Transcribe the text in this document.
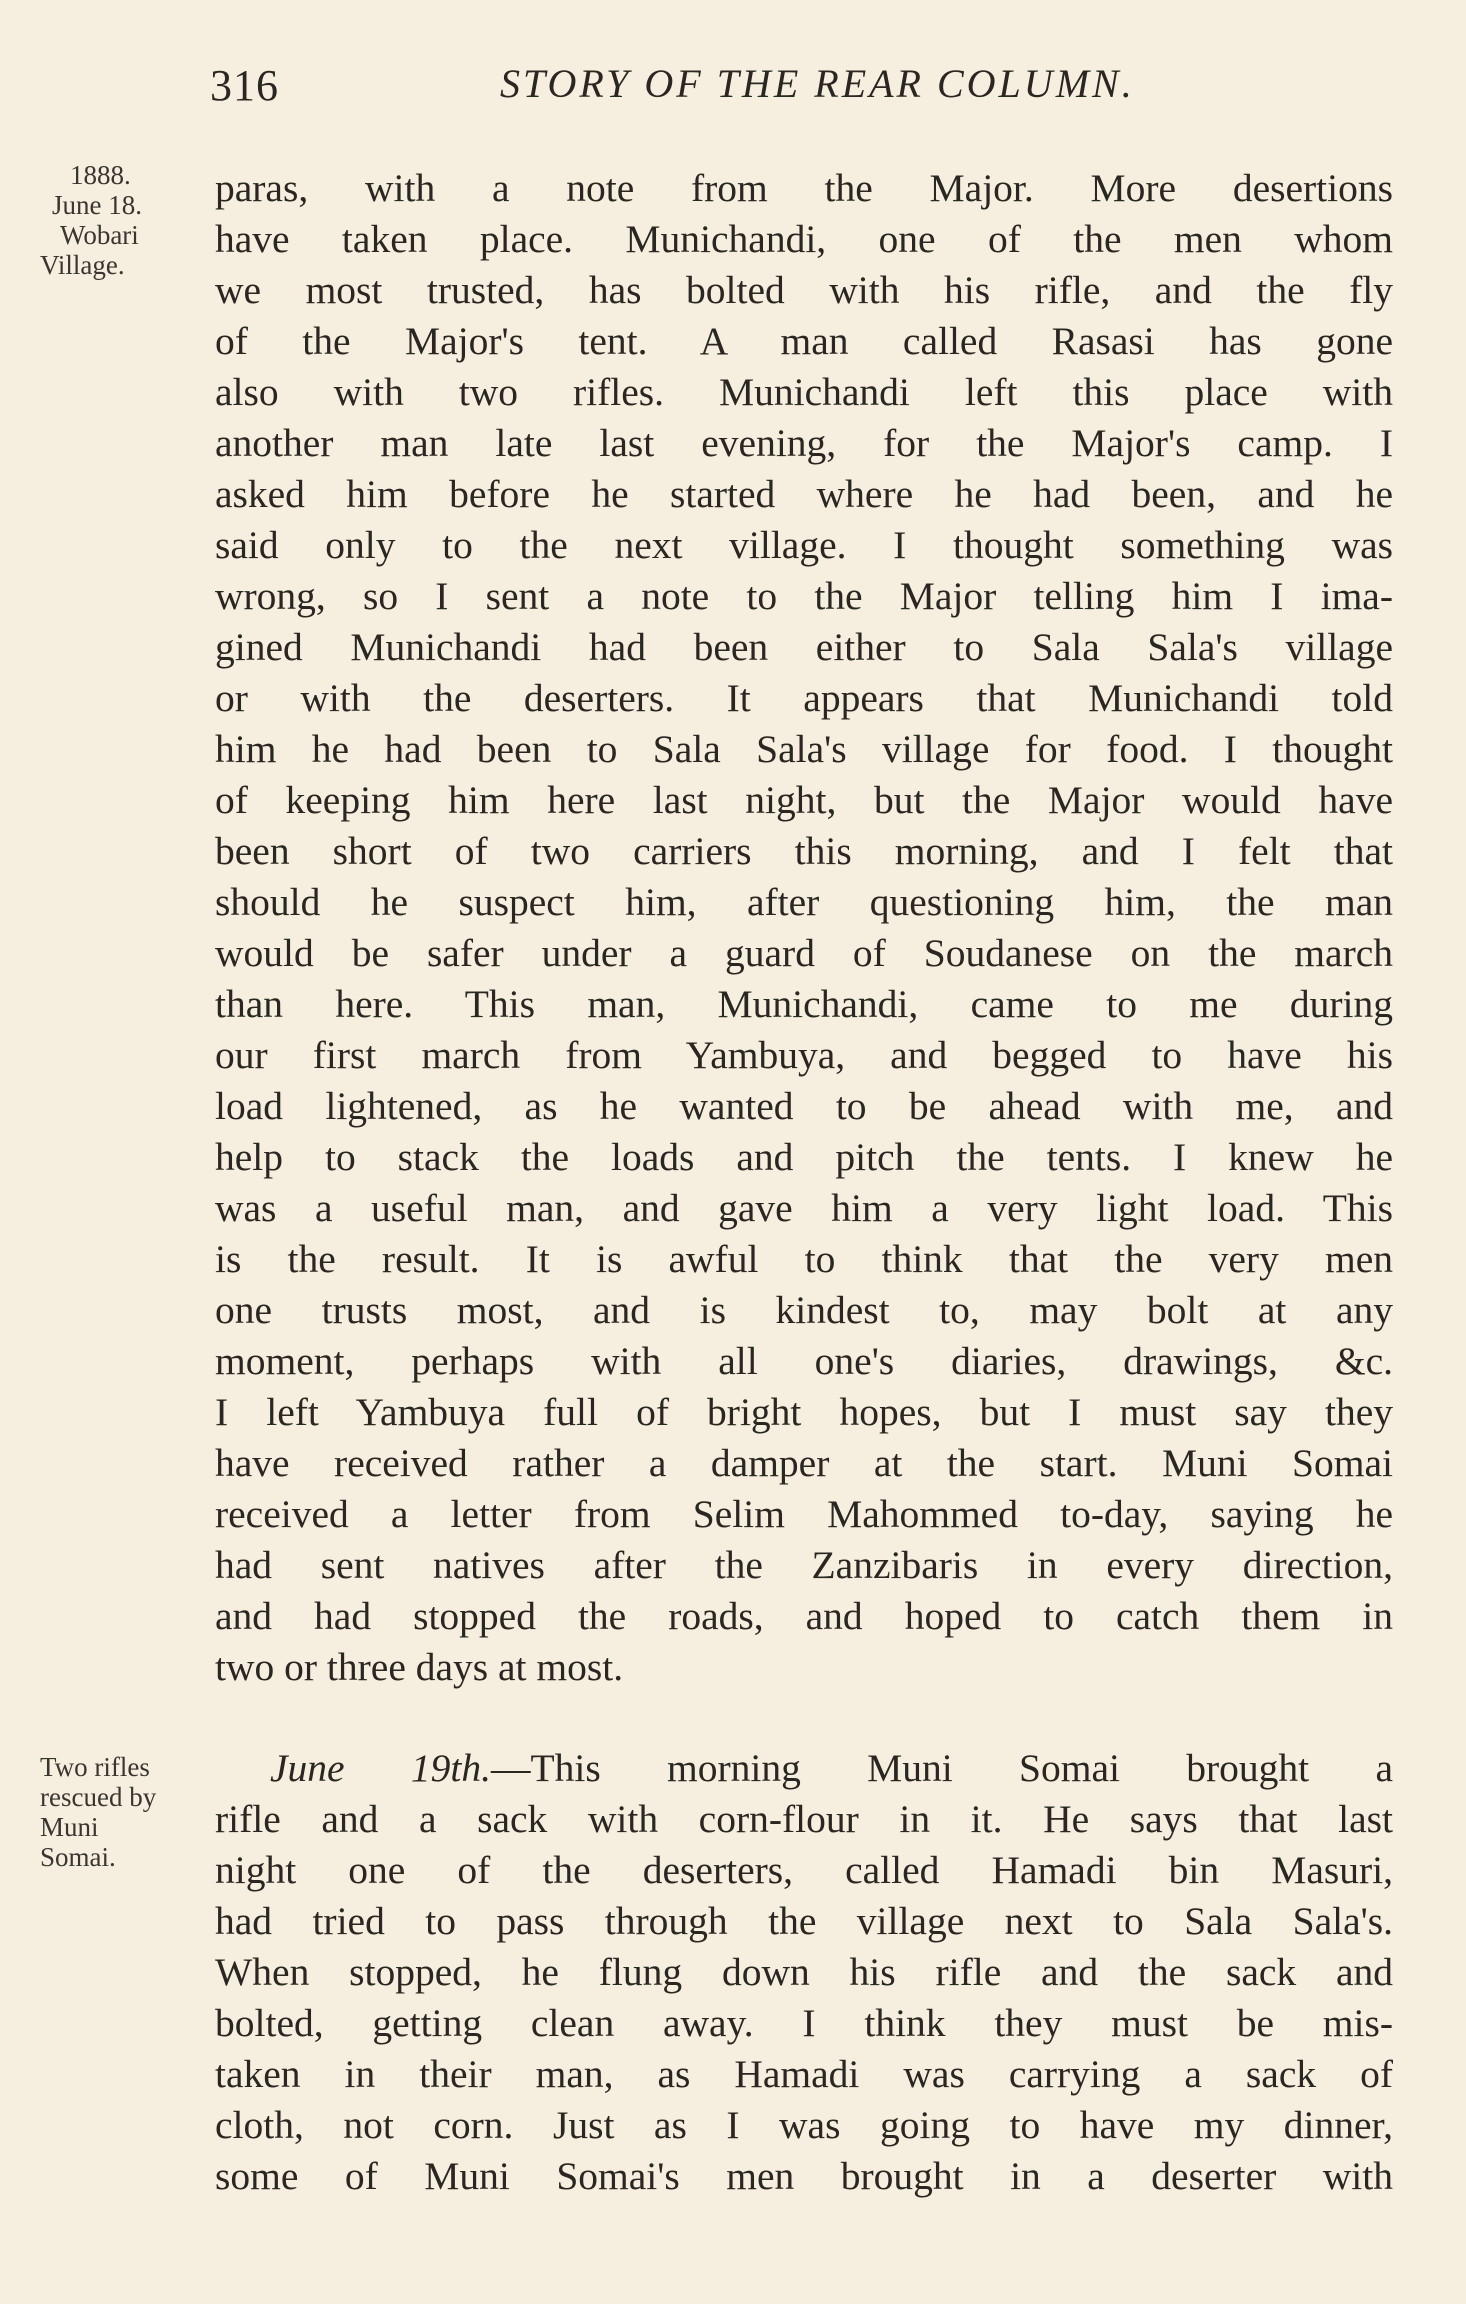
316	STORY OF THE REAR COLUMN.
1888.
June 18.
Wobari
Village.
Two rifles
rescued by
Muni
Somai.
paras, with a note from the Major. More desertions
have taken place. Munichandi, one of the men whom
we most trusted, has bolted with his rifle, and the fly
of the Major's tent. A man called Rasasi has gone
also with two rifles. Munichandi left this place with
another man late last evening, for the Major's camp. I
asked him before he started where he had been, and he
said only to the next village. I thought something was
wrong, so I sent a note to the Major telling him I ima-
gined Munichandi had been either to Sala Sala's village
or with the deserters. It appears that Munichandi told
him he had been to Sala Sala's village for food. I thought
of keeping him here last night, but the Major would have
been short of two carriers this morning, and I felt that
should he suspect him, after questioning him, the man
would be safer under a guard of Soudanese on the march
than here. This man, Munichandi, came to me during
our first march from Yambuya, and begged to have his
load lightened, as he wanted to be ahead with me, and
help to stack the loads and pitch the tents. I knew he
was a useful man, and gave him a very light load. This
is the result. It is awful to think that the very men
one trusts most, and is kindest to, may bolt at any
moment, perhaps with all one's diaries, drawings, &c.
I left Yambuya full of bright hopes, but I must say they
have received rather a damper at the start. Muni Somai
received a letter from Selim Mahommed to-day, saying he
had sent natives after the Zanzibaris in every direction,
and had stopped the roads, and hoped to catch them in
two or three days at most.
June 19th.—This morning Muni Somai brought a
rifle and a sack with corn-flour in it. He says that last
night one of the deserters, called Hamadi bin Masuri,
had tried to pass through the village next to Sala Sala's.
When stopped, he flung down his rifle and the sack and
bolted, getting clean away. I think they must be mis-
taken in their man, as Hamadi was carrying a sack of
cloth, not corn. Just as I was going to have my dinner,
some of Muni Somai's men brought in a deserter with
